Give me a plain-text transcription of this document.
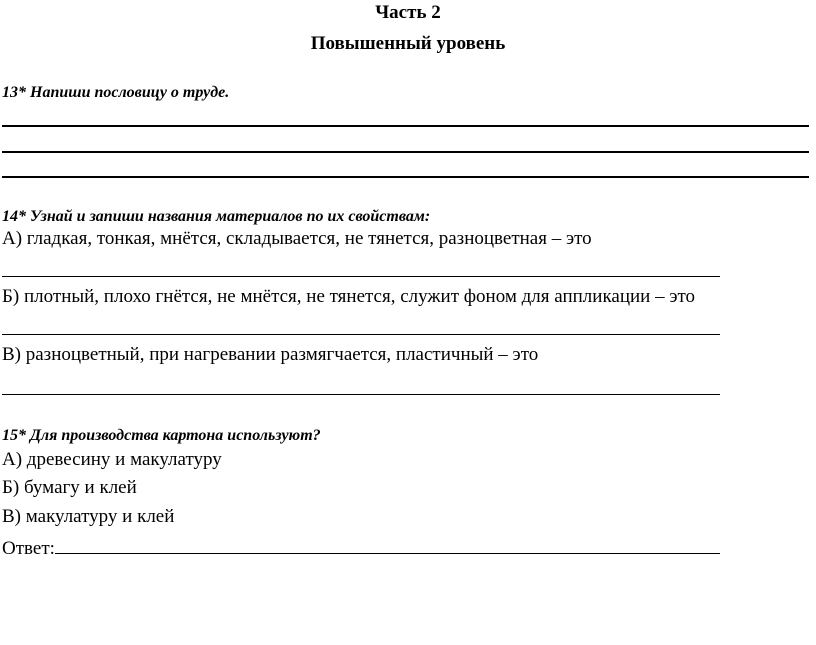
Часть 2
Повышенный уровень
13* Напиши пословицу о труде.
14* Узнай и запиши названия материалов по их свойствам:
А) гладкая, тонкая, мнётся, складывается, не тянется, разноцветная – это
Б) плотный, плохо гнётся, не мнётся, не тянется, служит фоном для аппликации – это
В) разноцветный, при нагревании размягчается, пластичный – это
15* Для производства картона используют?
А) древесину и макулатуру
Б) бумагу и клей
В) макулатуру и клей
Ответ:
